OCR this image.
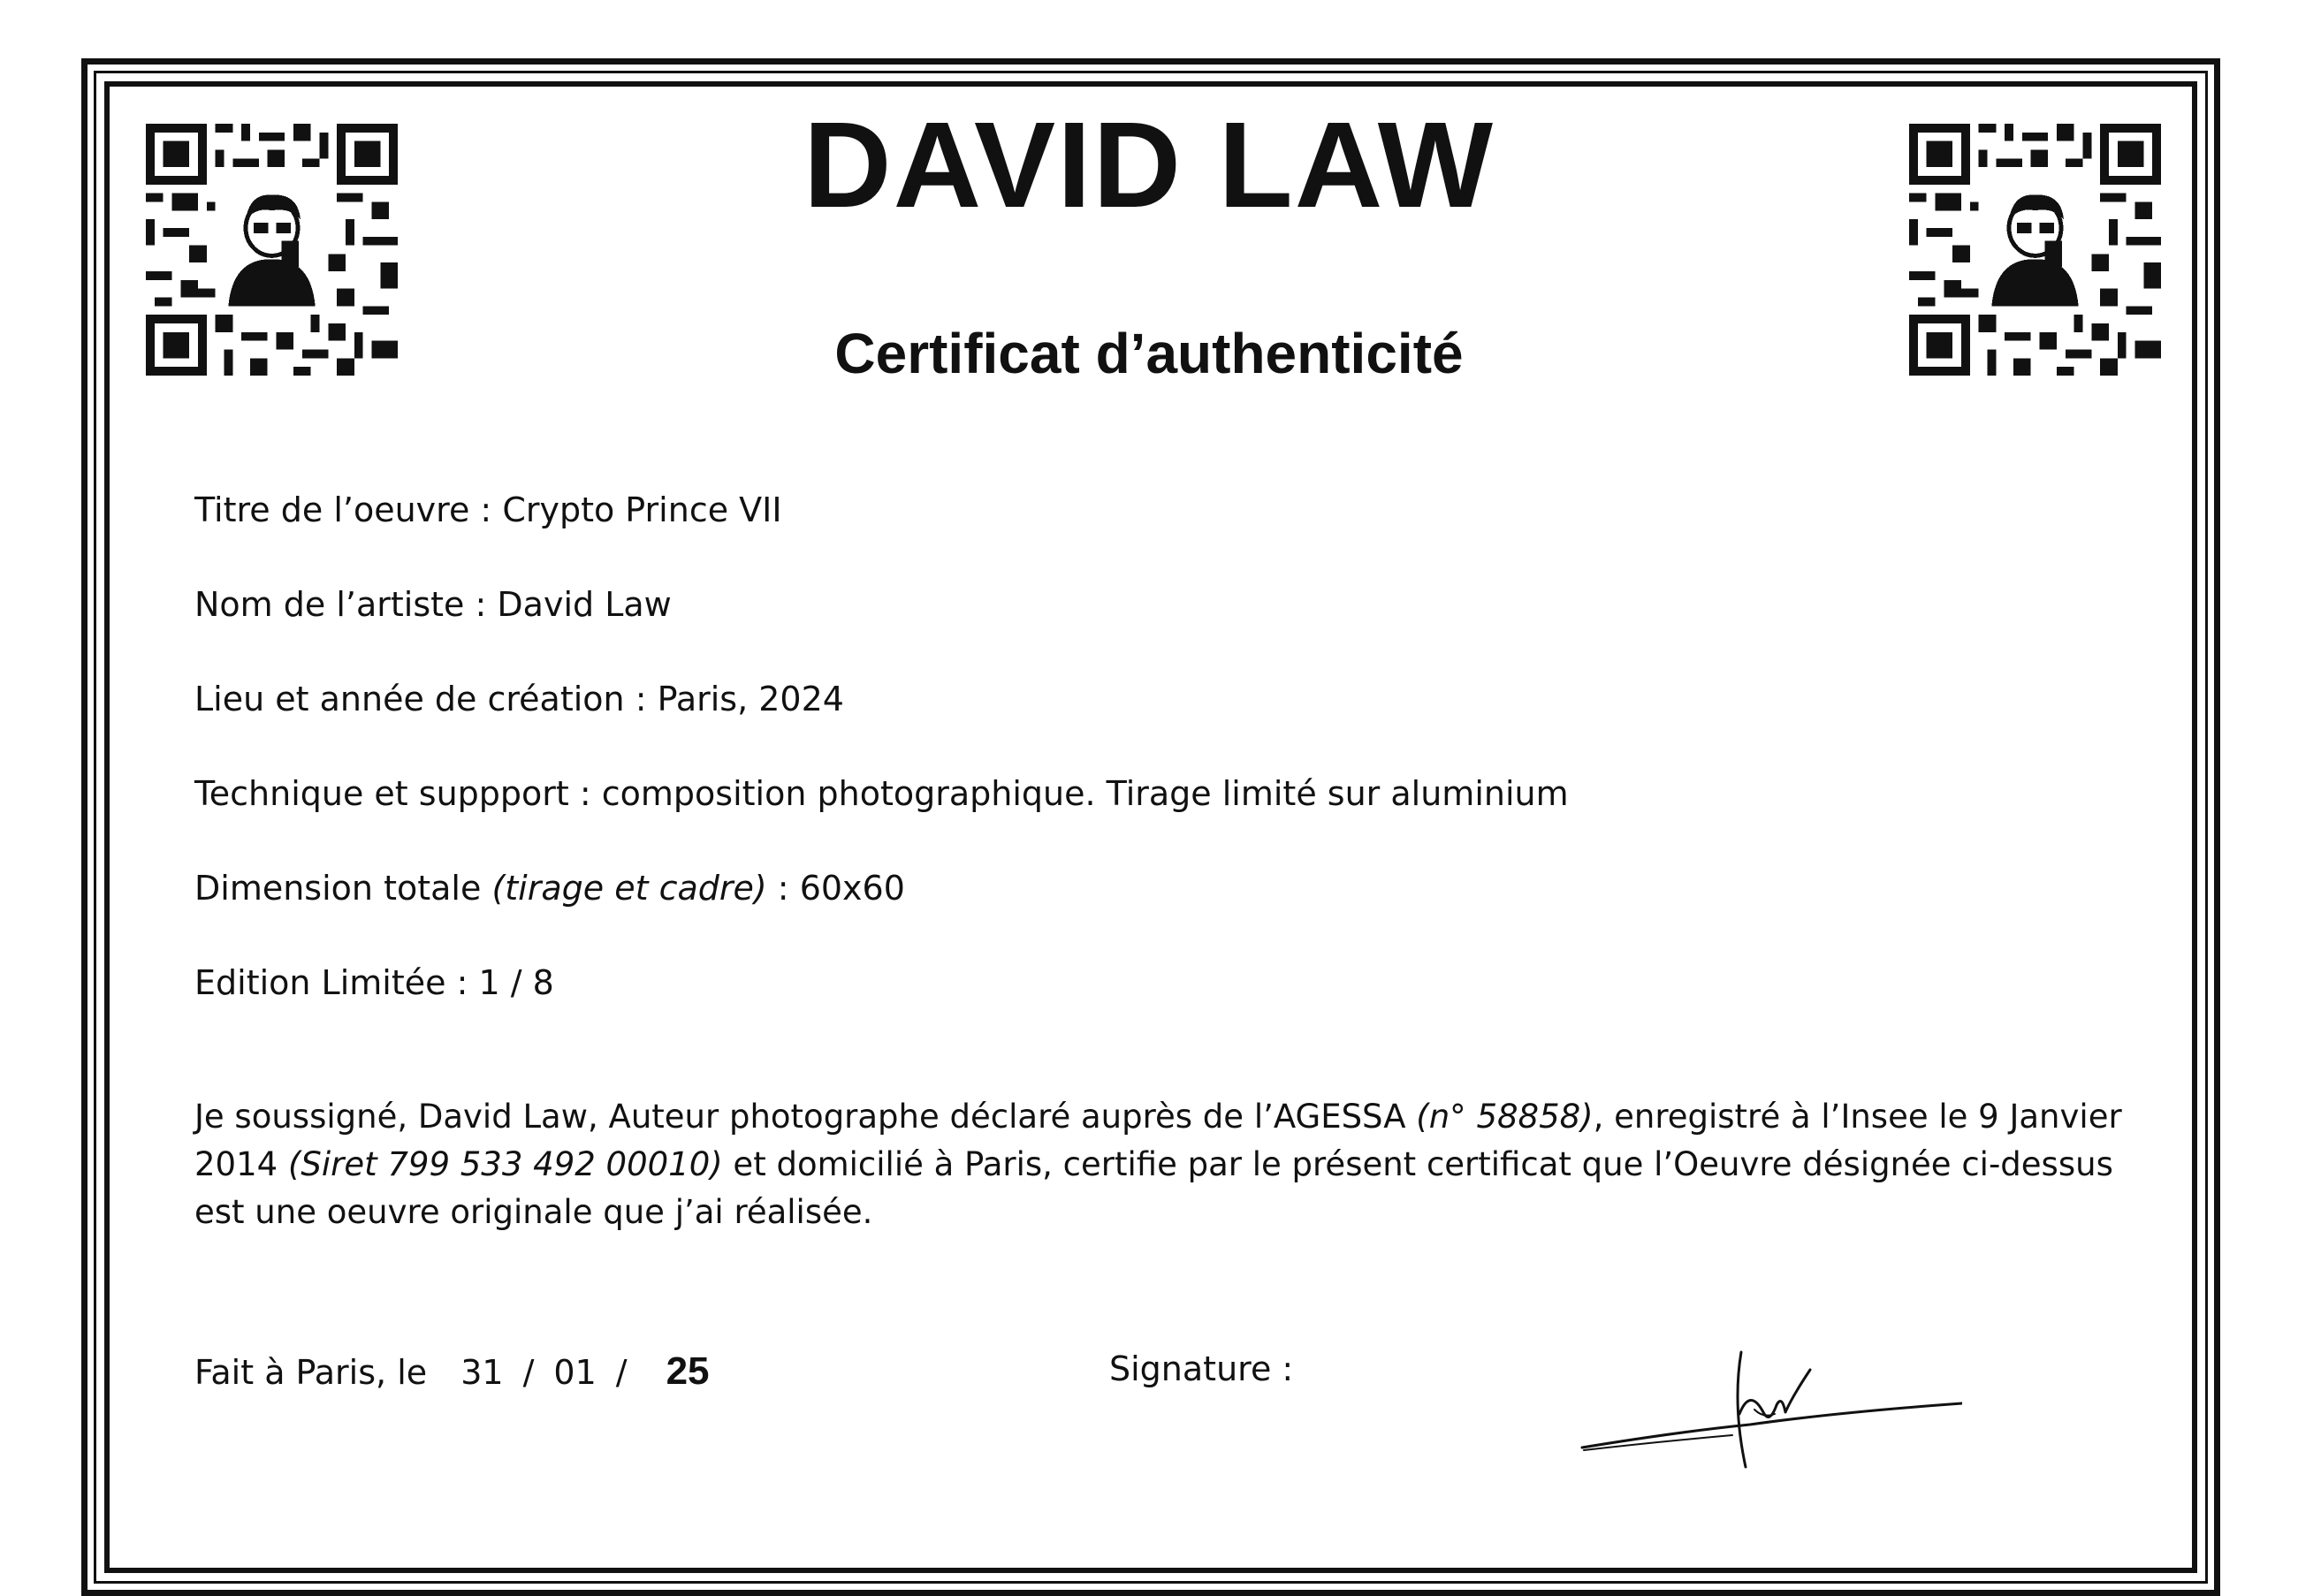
DAVID LAW
Certificat d’authenticité
Titre de l’oeuvre : Crypto Prince VII
Nom de l’artiste : David Law
Lieu et année de création : Paris, 2024
Technique et suppport : composition photographique. Tirage limité sur aluminium
Dimension totale (tirage et cadre) : 60x60
Edition Limitée : 1 / 8
Je soussigné, David Law, Auteur photographe déclaré auprès de l’AGESSA (n° 58858), enregistré à l’Insee le 9 Janvier 2014 (Siret 799 533 492 00010) et domicilié à Paris, certifie par le présent certificat que l’Oeuvre désignée ci-dessus est une oeuvre originale que j’ai réalisée.
Fait à Paris, le 31 / 01 / 25	Signature :
